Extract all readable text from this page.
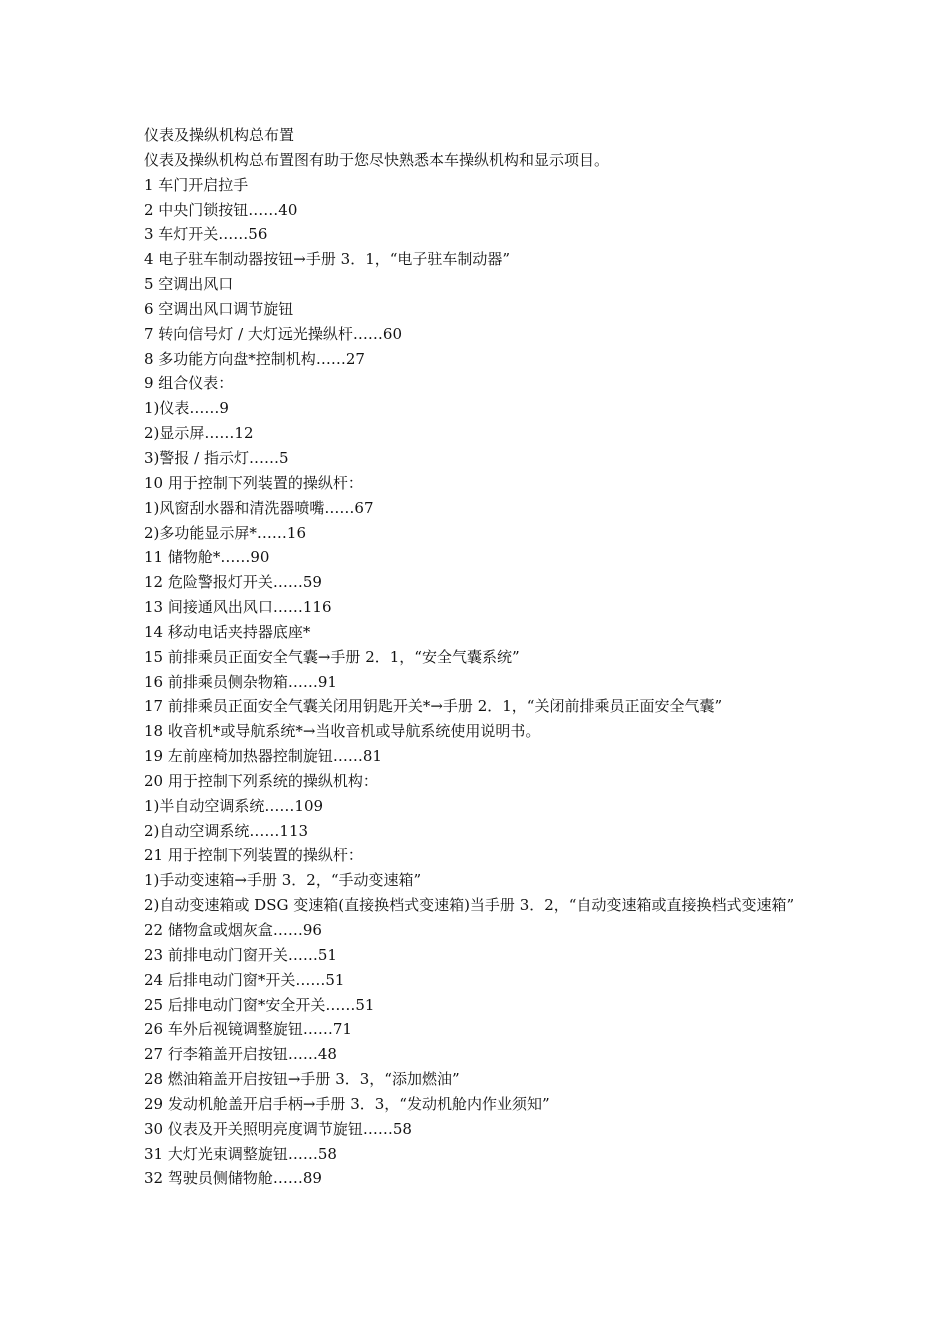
仪表及操纵机构总布置

仪表及操纵机构总布置图有助于您尽快熟悉本车操纵机构和显示项目。

1 车门开启拉手

2 中央门锁按钮……40

3 车灯开关……56

4 电子驻车制动器按钮→手册 3．1，“电子驻车制动器”

5 空调出风口

6 空调出风口调节旋钮

7 转向信号灯 / 大灯远光操纵杆……60

8 多功能方向盘*控制机构……27

9 组合仪表：

1)仪表……9

2)显示屏……12

3)警报 / 指示灯……5

10 用于控制下列装置的操纵杆：

1)风窗刮水器和清洗器喷嘴……67

2)多功能显示屏*……16

11 储物舱*……90

12 危险警报灯开关……59

13 间接通风出风口……116

14 移动电话夹持器底座*

15 前排乘员正面安全气囊→手册 2．1，“安全气囊系统”

16 前排乘员侧杂物箱……91

17 前排乘员正面安全气囊关闭用钥匙开关*→手册 2．1，“关闭前排乘员正面安全气囊”

18 收音机*或导航系统*→当收音机或导航系统使用说明书。

19 左前座椅加热器控制旋钮……81

20 用于控制下列系统的操纵机构：

1)半自动空调系统……109

2)自动空调系统……113

21 用于控制下列装置的操纵杆：

1)手动变速箱→手册 3．2，“手动变速箱”

2)自动变速箱或 DSG 变速箱(直接换档式变速箱)当手册 3．2，“自动变速箱或直接换档式变速箱”

22 储物盒或烟灰盒……96

23 前排电动门窗开关……51

24 后排电动门窗*开关……51

25 后排电动门窗*安全开关……51

26 车外后视镜调整旋钮……71

27 行李箱盖开启按钮……48

28 燃油箱盖开启按钮→手册 3．3，“添加燃油”

29 发动机舱盖开启手柄→手册 3．3，“发动机舱内作业须知”

30 仪表及开关照明亮度调节旋钮……58

31 大灯光束调整旋钮……58

32 驾驶员侧储物舱……89
